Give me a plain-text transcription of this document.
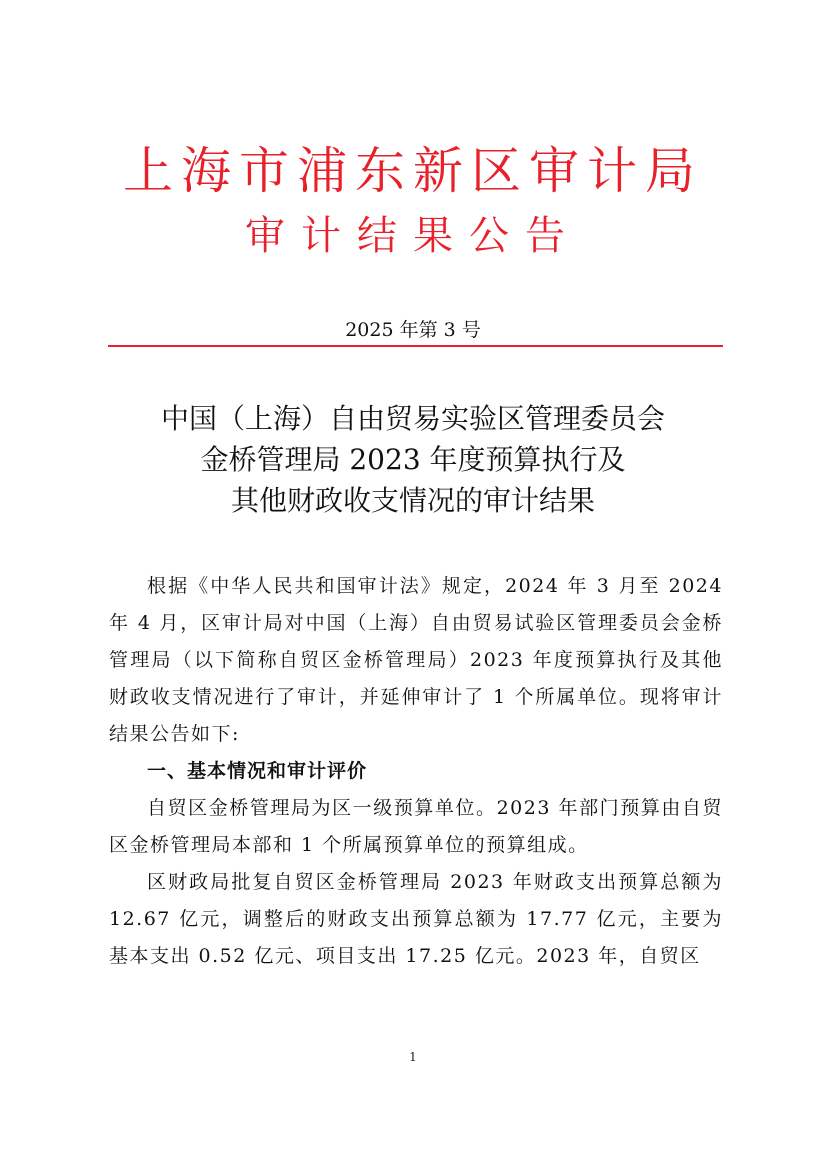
上海市浦东新区审计局
审计结果公告
2025 年第 3 号
中国（上海）自由贸易实验区管理委员会
金桥管理局 2023 年度预算执行及
其他财政收支情况的审计结果

根据《中华人民共和国审计法》规定，2024 年 3 月至 2024 年 4 月，区审计局对中国（上海）自由贸易试验区管理委员会金桥管理局（以下简称自贸区金桥管理局）2023 年度预算执行及其他财政收支情况进行了审计，并延伸审计了 1 个所属单位。现将审计结果公告如下:

一、基本情况和审计评价

自贸区金桥管理局为区一级预算单位。2023 年部门预算由自贸区金桥管理局本部和 1 个所属预算单位的预算组成。

区财政局批复自贸区金桥管理局 2023 年财政支出预算总额为 12.67 亿元，调整后的财政支出预算总额为 17.77 亿元，主要为基本支出 0.52 亿元、项目支出 17.25 亿元。2023 年，自贸区

1
